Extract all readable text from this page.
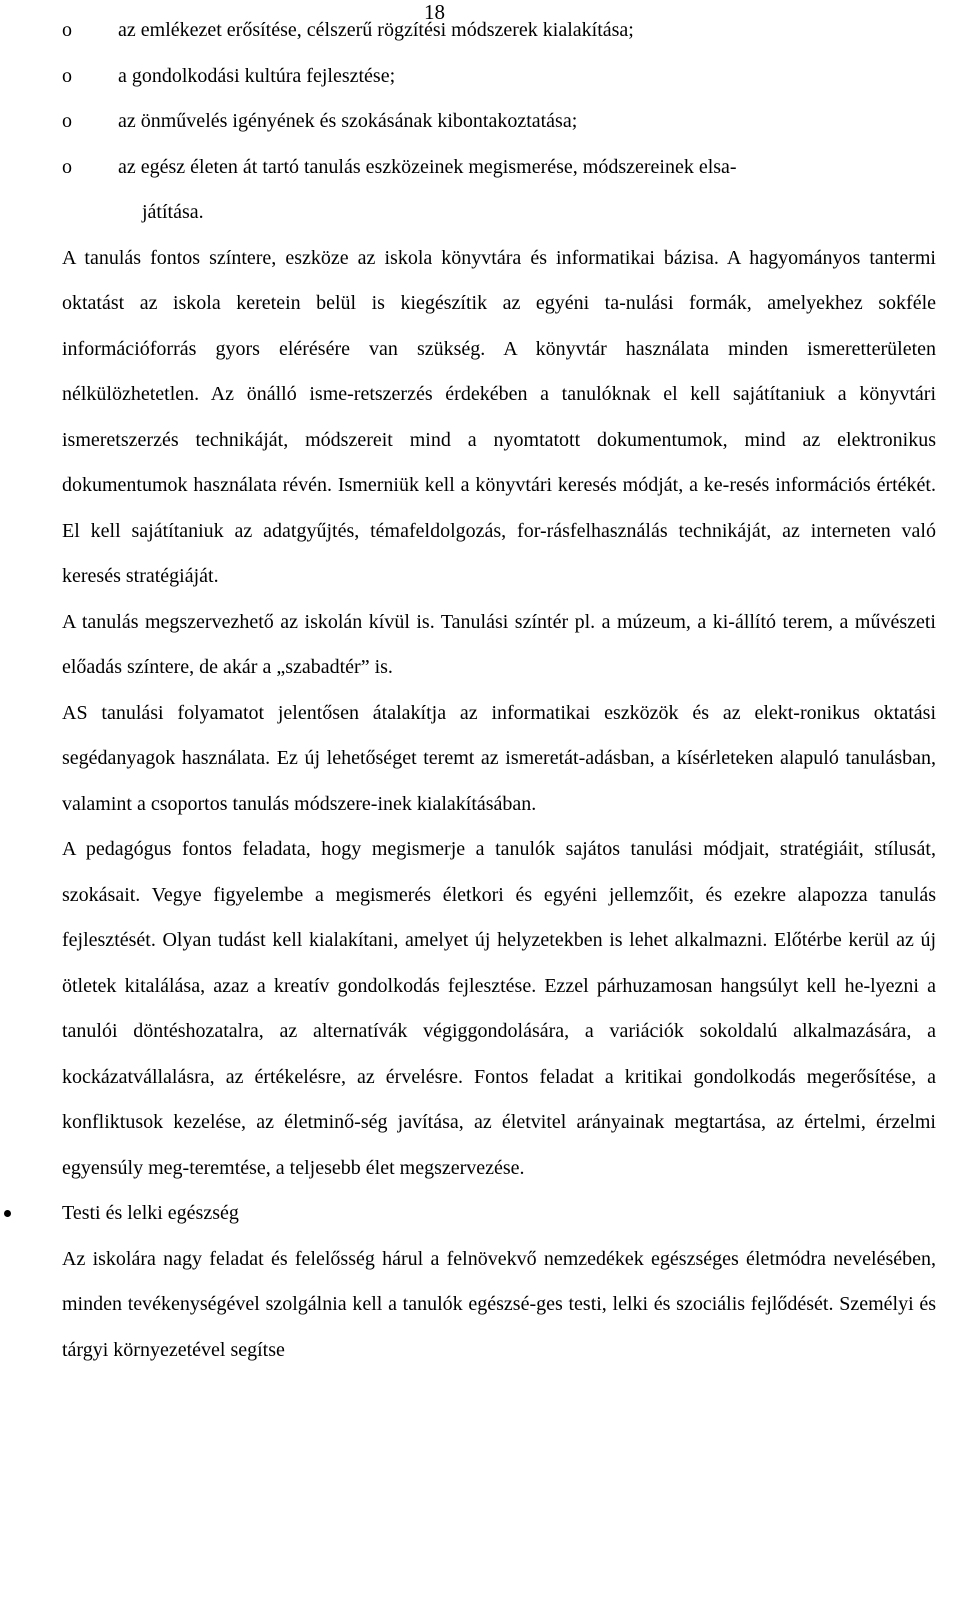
18
o az emlékezet erősítése, célszerű rögzítési módszerek kialakítása;
o a gondolkodási kultúra fejlesztése;
o az önművelés igényének és szokásának kibontakoztatása;
o az egész életen át tartó tanulás eszközeinek megismerése, módszereinek elsa-
játítása.

A tanulás fontos színtere, eszköze az iskola könyvtára és informatikai bázisa. A hagyományos tantermi oktatást az iskola keretein belül is kiegészítik az egyéni ta-nulási formák, amelyekhez sokféle információforrás gyors elérésére van szükség. A könyvtár használata minden ismeretterületen nélkülözhetetlen. Az önálló isme-retszerzés érdekében a tanulóknak el kell sajátítaniuk a könyvtári ismeretszerzés technikáját, módszereit mind a nyomtatott dokumentumok, mind az elektronikus dokumentumok használata révén. Ismerniük kell a könyvtári keresés módját, a ke-resés információs értékét. El kell sajátítaniuk az adatgyűjtés, témafeldolgozás, for-rásfelhasználás technikáját, az interneten való keresés stratégiáját.

A tanulás megszervezhető az iskolán kívül is. Tanulási színtér pl. a múzeum, a ki-állító terem, a művészeti előadás színtere, de akár a „szabadtér” is.

AS tanulási folyamatot jelentősen átalakítja az informatikai eszközök és az elekt-ronikus oktatási segédanyagok használata. Ez új lehetőséget teremt az ismeretát-adásban, a kísérleteken alapuló tanulásban, valamint a csoportos tanulás módszere-inek kialakításában.

A pedagógus fontos feladata, hogy megismerje a tanulók sajátos tanulási módjait, stratégiáit, stílusát, szokásait. Vegye figyelembe a megismerés életkori és egyéni jellemzőit, és ezekre alapozza tanulás fejlesztését. Olyan tudást kell kialakítani, amelyet új helyzetekben is lehet alkalmazni. Előtérbe kerül az új ötletek kitalálása, azaz a kreatív gondolkodás fejlesztése. Ezzel párhuzamosan hangsúlyt kell he-lyezni a tanulói döntéshozatalra, az alternatívák végiggondolására, a variációk sokoldalú alkalmazására, a kockázatvállalásra, az értékelésre, az érvelésre. Fontos feladat a kritikai gondolkodás megerősítése, a konfliktusok kezelése, az életminő-ség javítása, az életvitel arányainak megtartása, az értelmi, érzelmi egyensúly meg-teremtése, a teljesebb élet megszervezése.

Testi és lelki egészség

Az iskolára nagy feladat és felelősség hárul a felnövekvő nemzedékek egészséges életmódra nevelésében, minden tevékenységével szolgálnia kell a tanulók egészsé-ges testi, lelki és szociális fejlődését. Személyi és tárgyi környezetével segítse
